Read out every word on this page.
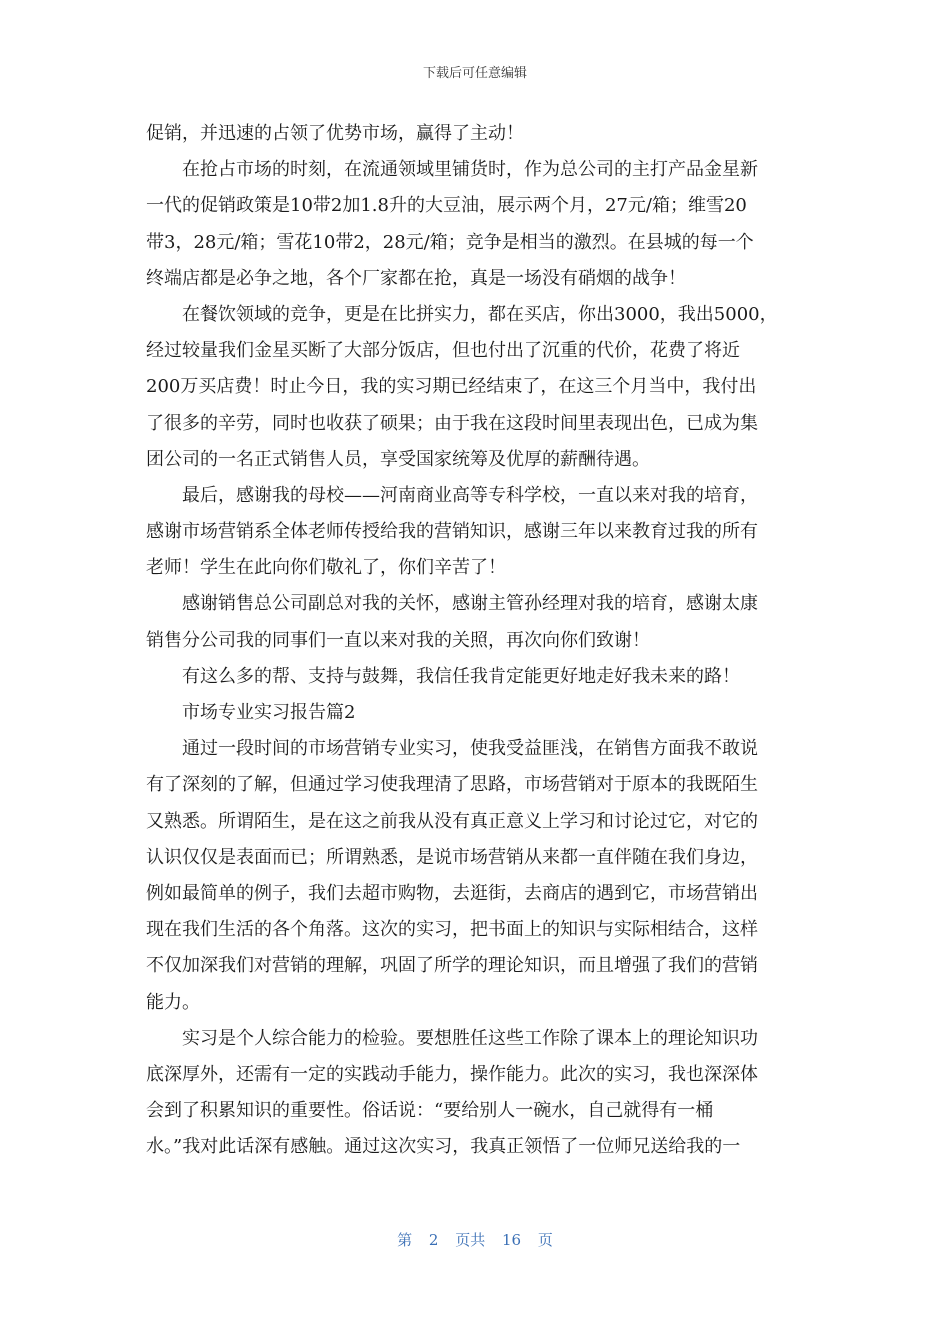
下载后可任意编辑
促销，并迅速的占领了优势市场，赢得了主动！
在抢占市场的时刻，在流通领域里铺货时，作为总公司的主打产品金星新
一代的促销政策是10带2加1.8升的大豆油，展示两个月，27元/箱；维雪20
带3，28元/箱；雪花10带2，28元/箱；竞争是相当的激烈。在县城的每一个
终端店都是必争之地，各个厂家都在抢，真是一场没有硝烟的战争！
在餐饮领域的竞争，更是在比拼实力，都在买店，你出3000，我出5000，
经过较量我们金星买断了大部分饭店，但也付出了沉重的代价，花费了将近
200万买店费！时止今日，我的实习期已经结束了，在这三个月当中，我付出
了很多的辛劳，同时也收获了硕果；由于我在这段时间里表现出色，已成为集
团公司的一名正式销售人员，享受国家统筹及优厚的薪酬待遇。
最后，感谢我的母校——河南商业高等专科学校，一直以来对我的培育，
感谢市场营销系全体老师传授给我的营销知识，感谢三年以来教育过我的所有
老师！学生在此向你们敬礼了，你们辛苦了！
感谢销售总公司副总对我的关怀，感谢主管孙经理对我的培育，感谢太康
销售分公司我的同事们一直以来对我的关照，再次向你们致谢！
有这么多的帮、支持与鼓舞，我信任我肯定能更好地走好我未来的路！
市场专业实习报告篇2
通过一段时间的市场营销专业实习，使我受益匪浅，在销售方面我不敢说
有了深刻的了解，但通过学习使我理清了思路，市场营销对于原本的我既陌生
又熟悉。所谓陌生，是在这之前我从没有真正意义上学习和讨论过它，对它的
认识仅仅是表面而已；所谓熟悉，是说市场营销从来都一直伴随在我们身边，
例如最简单的例子，我们去超市购物，去逛街，去商店的遇到它，市场营销出
现在我们生活的各个角落。这次的实习，把书面上的知识与实际相结合，这样
不仅加深我们对营销的理解，巩固了所学的理论知识，而且增强了我们的营销
能力。
实习是个人综合能力的检验。要想胜任这些工作除了课本上的理论知识功
底深厚外，还需有一定的实践动手能力，操作能力。此次的实习，我也深深体
会到了积累知识的重要性。俗话说：“要给别人一碗水，自己就得有一桶
水。”我对此话深有感触。通过这次实习，我真正领悟了一位师兄送给我的一
第 2 页共 16 页
